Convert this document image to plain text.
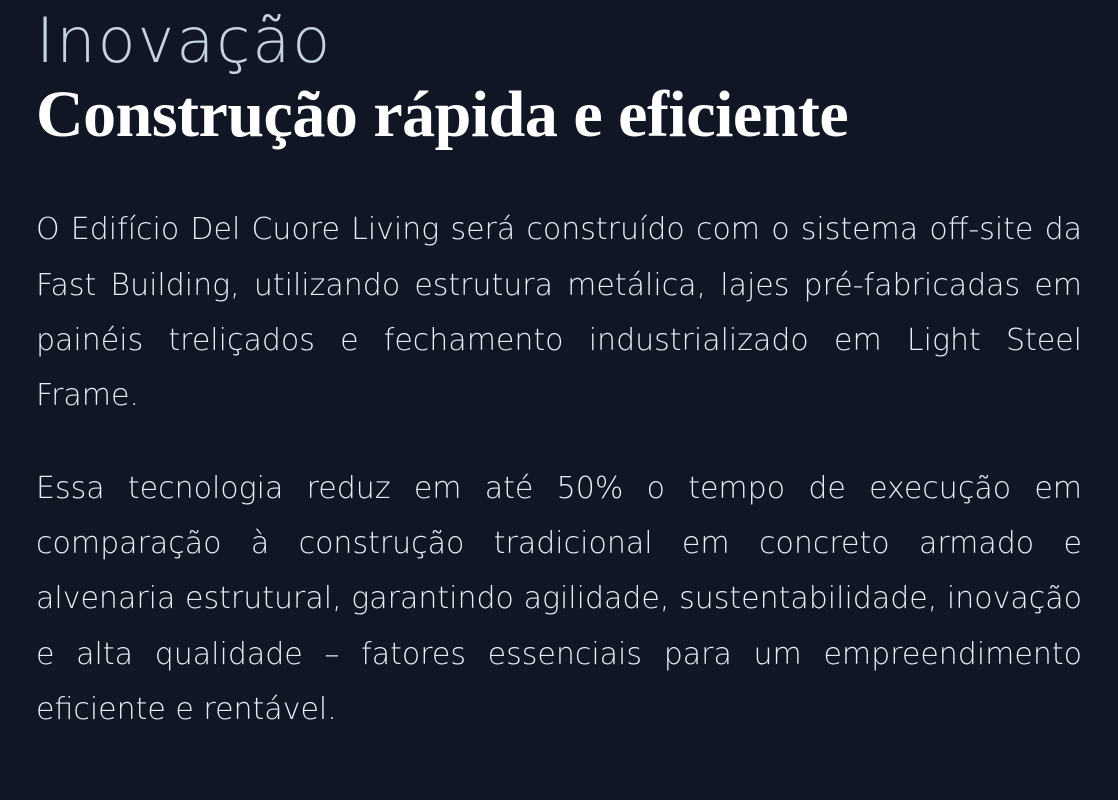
Inovação

Construção rápida e eficiente

O Edifício Del Cuore Living será construído com o sistema off-site da Fast Building, utilizando estrutura metálica, lajes pré-fabricadas em painéis treliçados e fechamento industrializado em Light Steel Frame.

Essa tecnologia reduz em até 50% o tempo de execução em comparação à construção tradicional em concreto armado e alvenaria estrutural, garantindo agilidade, sustentabilidade, inovação e alta qualidade – fatores essenciais para um empreendimento eficiente e rentável.
